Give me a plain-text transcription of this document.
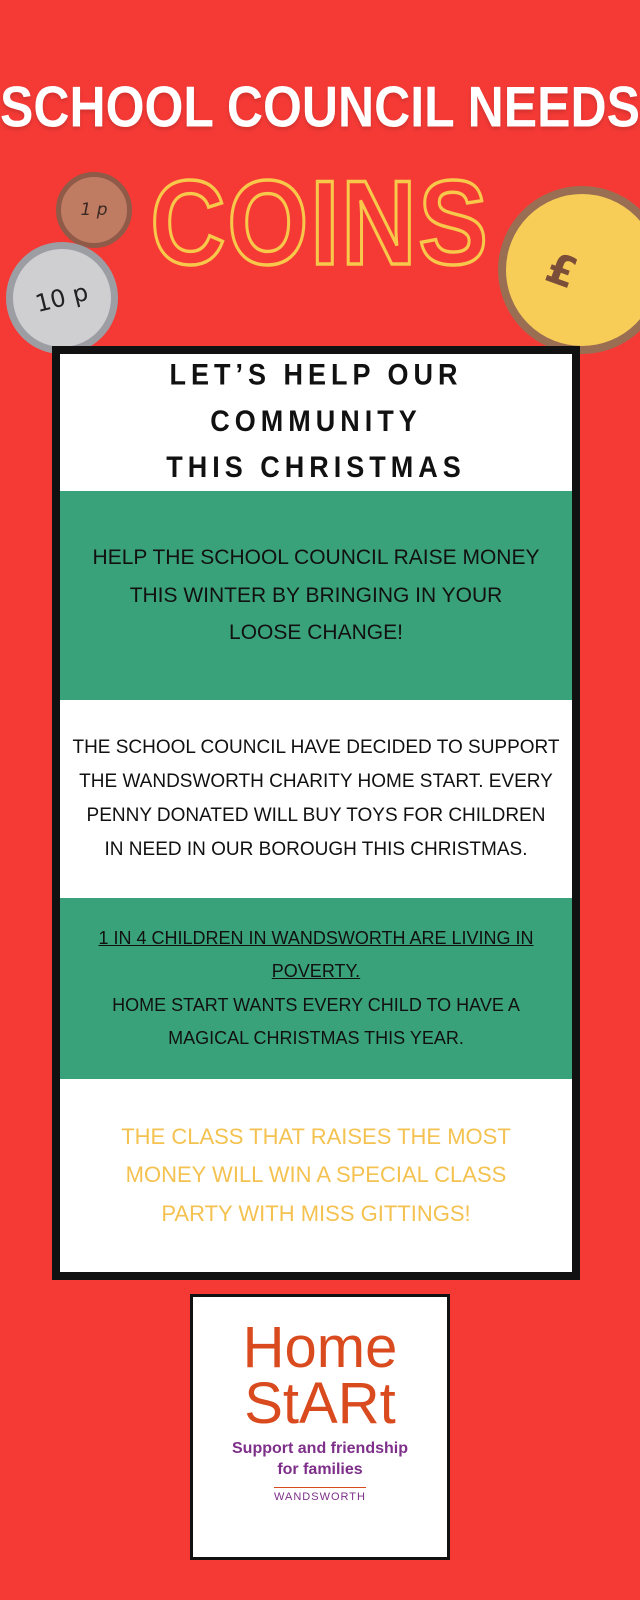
SCHOOL COUNCIL NEEDS
1 p
10 p	£
COINS
LET’S HELP OUR COMMUNITY
THIS CHRISTMAS
HELP THE SCHOOL COUNCIL RAISE MONEY
THIS WINTER BY BRINGING IN YOUR
LOOSE CHANGE!
THE SCHOOL COUNCIL HAVE DECIDED TO SUPPORT
THE WANDSWORTH CHARITY HOME START. EVERY
PENNY DONATED WILL BUY TOYS FOR CHILDREN
IN NEED IN OUR BOROUGH THIS CHRISTMAS.

1 IN 4 CHILDREN IN WANDSWORTH ARE LIVING IN
POVERTY.

HOME START WANTS EVERY CHILD TO HAVE A
MAGICAL CHRISTMAS THIS YEAR.

THE CLASS THAT RAISES THE MOST
MONEY WILL WIN A SPECIAL CLASS
PARTY WITH MISS GITTINGS!
Home
StARt
Support and friendship
for families
WANDSWORTH
